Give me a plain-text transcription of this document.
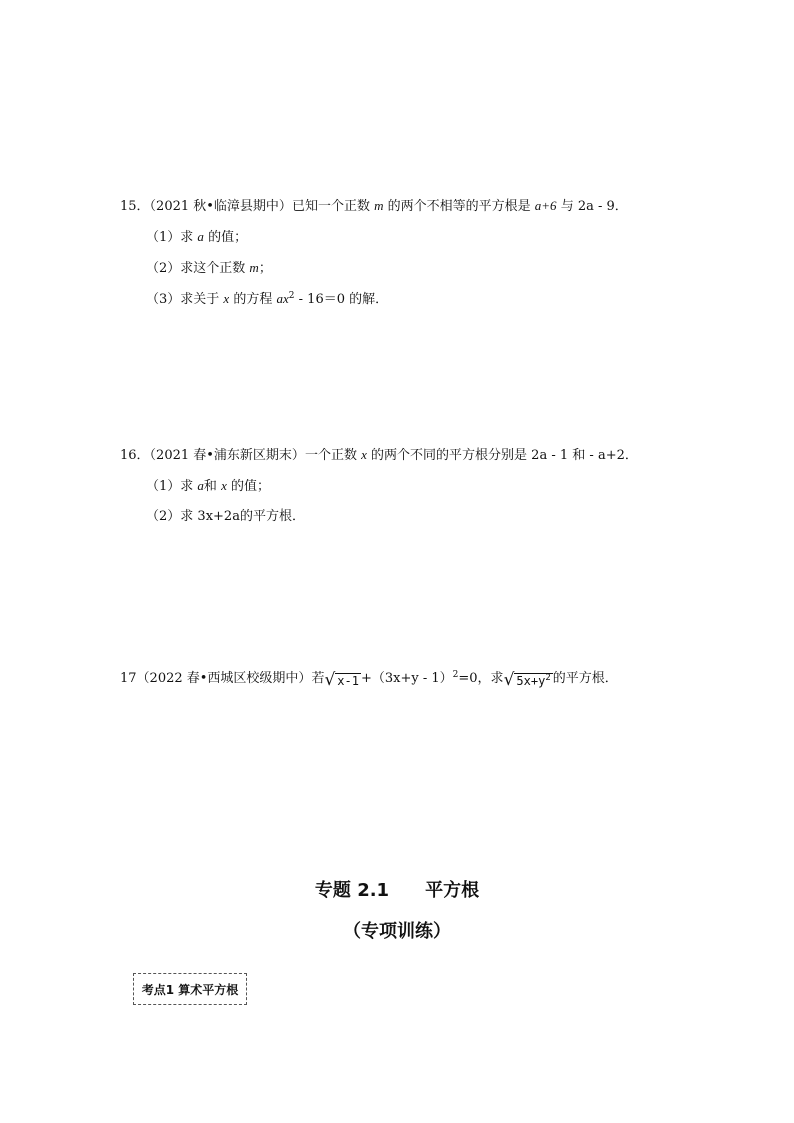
15．（2021 秋•临漳县期中）已知一个正数 m 的两个不相等的平方根是 a+6 与 2a - 9．
（1）求 a 的值；
（2）求这个正数 m；
（3）求关于 x 的方程 $ax^2 - 16=0$ 的解．
16．（2021 春•浦东新区期末）一个正数 x 的两个不同的平方根分别是 2a - 1 和 - a+2．
（1）求 a和 x 的值；
（2）求 3x+2a的平方根．
17（2022 春•西城区校级期中）若√ $x-1 +(3x+y - 1)^2=0$，求√ $5x+y^2$ 的平方根．
专题 2.1　　平方根
（专项训练）
考点1 算术平方根
